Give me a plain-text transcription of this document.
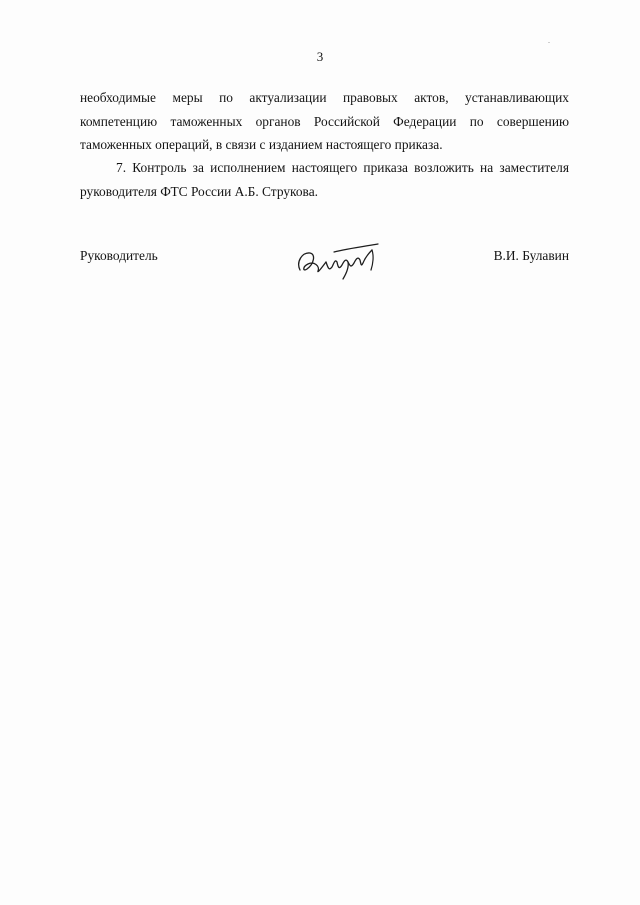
3
необходимые меры по актуализации правовых актов, устанавливающих
компетенцию таможенных органов Российской Федерации по совершению
таможенных операций, в связи с изданием настоящего приказа.
7. Контроль за исполнением настоящего приказа возложить на заместителя
руководителя ФТС России А.Б. Струкова.
Руководитель	В.И. Булавин
